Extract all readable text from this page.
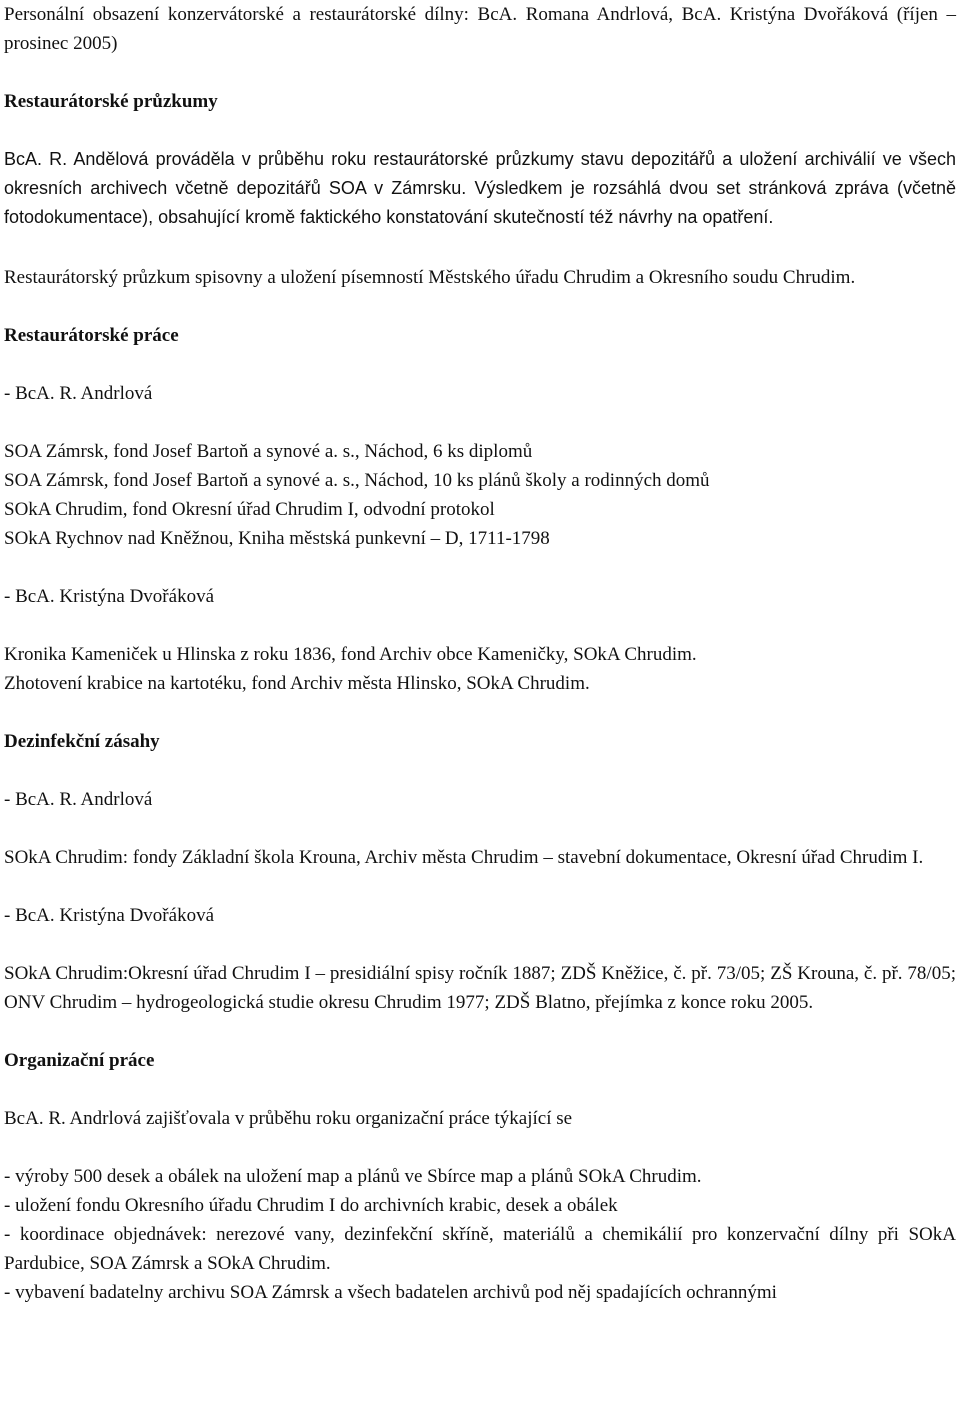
Personální obsazení konzervátorské a restaurátorské dílny: BcA. Romana Andrlová, BcA. Kristýna Dvořáková (říjen – prosinec 2005)

Restaurátorské průzkumy

BcA. R. Andělová prováděla v průběhu roku restaurátorské průzkumy stavu depozitářů a uložení archiválií ve všech okresních archivech včetně depozitářů SOA v Zámrsku. Výsledkem je rozsáhlá dvou set stránková zpráva (včetně fotodokumentace), obsahující kromě faktického konstatování skutečností též návrhy na opatření.

Restaurátorský průzkum spisovny a uložení písemností Městského úřadu Chrudim a Okresního soudu Chrudim.

Restaurátorské práce

- BcA. R. Andrlová

SOA Zámrsk, fond Josef Bartoň a synové a. s., Náchod, 6 ks diplomů

SOA Zámrsk, fond Josef Bartoň a synové a. s., Náchod, 10 ks plánů školy a rodinných domů

SOkA Chrudim, fond Okresní úřad Chrudim I, odvodní protokol

SOkA Rychnov nad Kněžnou, Kniha městská punkevní – D, 1711-1798

- BcA. Kristýna Dvořáková

Kronika Kameniček u Hlinska z roku 1836, fond Archiv obce Kameničky, SOkA Chrudim.

Zhotovení krabice na kartotéku, fond Archiv města Hlinsko, SOkA Chrudim.

Dezinfekční zásahy

- BcA. R. Andrlová

SOkA Chrudim: fondy Základní škola Krouna, Archiv města Chrudim – stavební dokumentace, Okresní úřad Chrudim I.

- BcA. Kristýna Dvořáková

SOkA Chrudim:Okresní úřad Chrudim I – presidiální spisy ročník 1887; ZDŠ Kněžice, č. př. 73/05; ZŠ Krouna, č. př. 78/05; ONV Chrudim – hydrogeologická studie okresu Chrudim 1977; ZDŠ Blatno, přejímka z konce roku 2005.

Organizační práce

BcA. R. Andrlová zajišťovala v průběhu roku organizační práce týkající se

- výroby 500 desek a obálek na uložení map a plánů ve Sbírce map a plánů SOkA Chrudim.

- uložení fondu Okresního úřadu Chrudim I do archivních krabic, desek a obálek

- koordinace objednávek: nerezové vany, dezinfekční skříně, materiálů a chemikálií pro konzervační dílny při SOkA Pardubice, SOA Zámrsk a SOkA Chrudim.

- vybavení badatelny archivu SOA Zámrsk a všech badatelen archivů pod něj spadajících ochrannými
